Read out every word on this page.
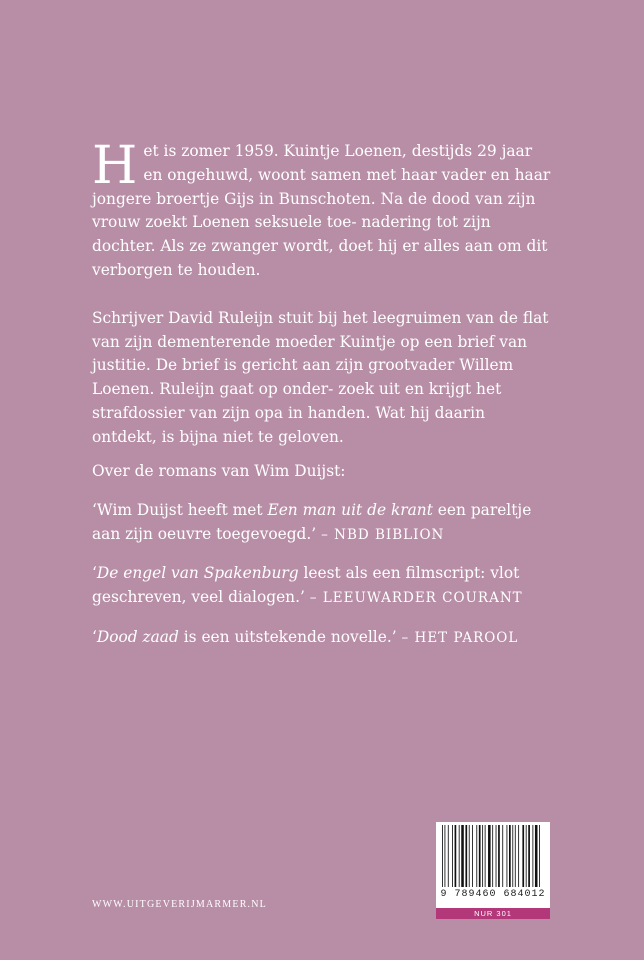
Het is zomer 1959. Kuintje Loenen, destijds 29 jaar en ongehuwd, woont samen met haar vader en haar jongere broertje Gijs in Bunschoten. Na de dood van zijn vrouw zoekt Loenen seksuele toe- nadering tot zijn dochter. Als ze zwanger wordt, doet hij er alles aan om dit verborgen te houden.

Schrijver David Ruleijn stuit bij het leegruimen van de flat van zijn dementerende moeder Kuintje op een brief van justitie. De brief is gericht aan zijn grootvader Willem Loenen. Ruleijn gaat op onder- zoek uit en krijgt het strafdossier van zijn opa in handen. Wat hij daarin ontdekt, is bijna niet te geloven.

Over de romans van Wim Duijst:

‘Wim Duijst heeft met Een man uit de krant een pareltje aan zijn oeuvre toegevoegd.’ – NBD BIBLION

‘De engel van Spakenburg leest als een filmscript: vlot geschreven, veel dialogen.’ – LEEUWARDER COURANT

‘Dood zaad is een uitstekende novelle.’ – HET PAROOL

WWW.UITGEVERIJMARMER.NL
9 789460 684012
NUR 301
